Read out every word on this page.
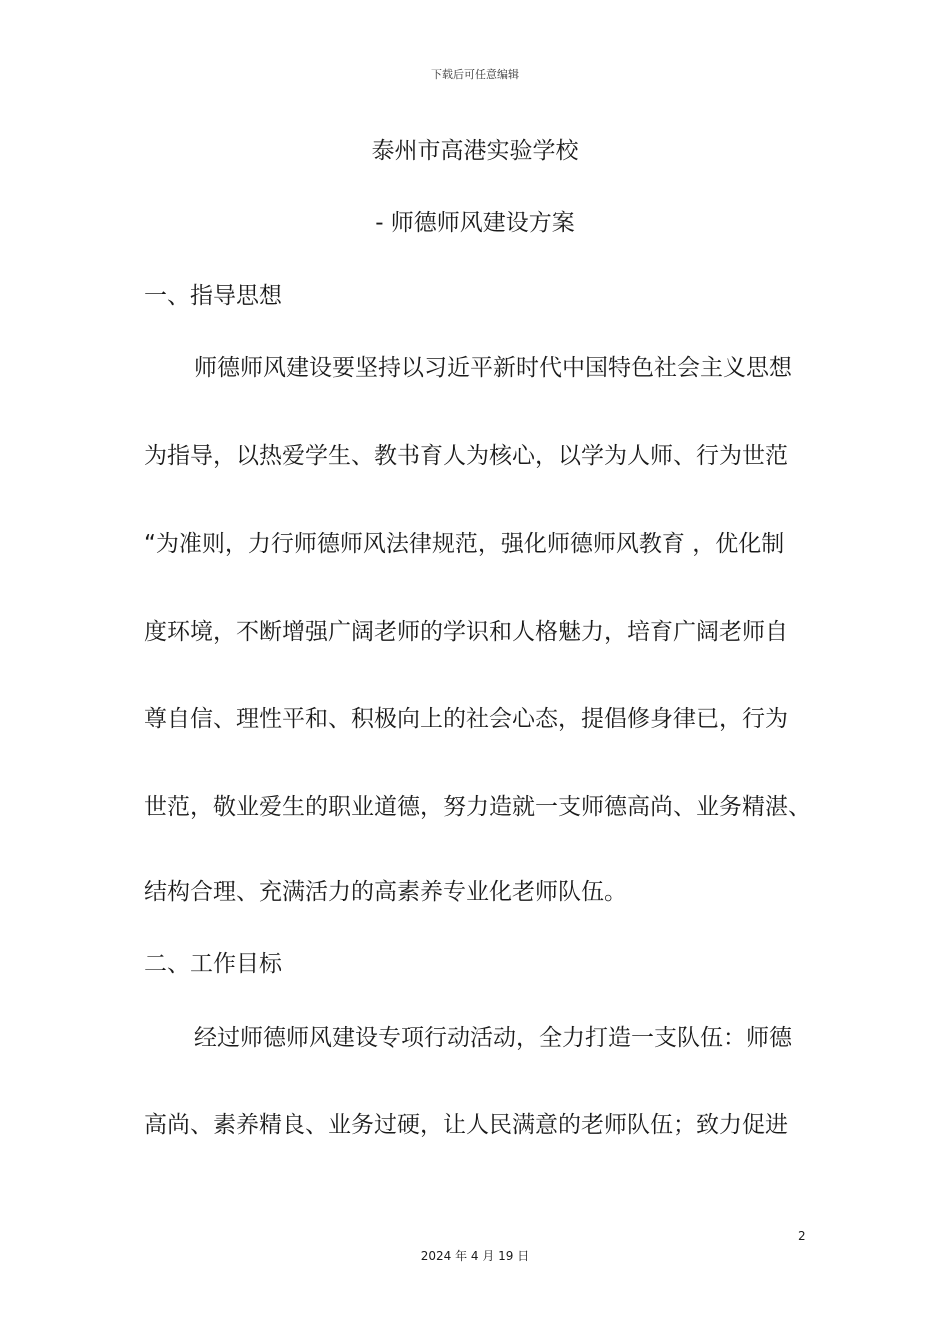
下载后可任意编辑
泰州市高港实验学校
- 师德师风建设方案
一、指导思想
师德师风建设要坚持以习近平新时代中国特色社会主义思想
为指导，以热爱学生、教书育人为核心，以学为人师、行为世范
“为准则，力行师德师风法律规范，强化师德师风教育 ，优化制
度环境，不断增强广阔老师的学识和人格魅力，培育广阔老师自
尊自信、理性平和、积极向上的社会心态，提倡修身律已，行为
世范，敬业爱生的职业道德，努力造就一支师德高尚、业务精湛、
结构合理、充满活力的高素养专业化老师队伍。
二、工作目标
经过师德师风建设专项行动活动，全力打造一支队伍：师德
高尚、素养精良、业务过硬，让人民满意的老师队伍；致力促进
2
2024 年 4 月 19 日
